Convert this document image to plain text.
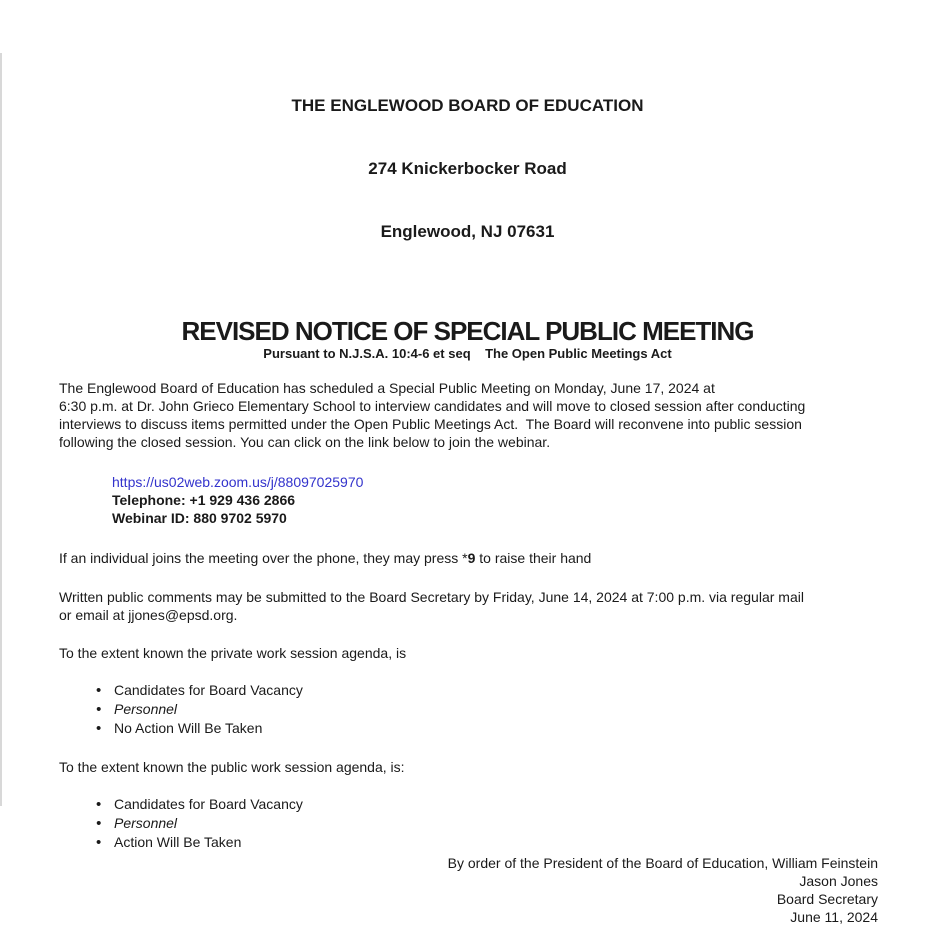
THE ENGLEWOOD BOARD OF EDUCATION

274 Knickerbocker Road

Englewood, NJ 07631

REVISED NOTICE OF SPECIAL PUBLIC MEETING
Pursuant to N.J.S.A. 10:4-6 et seq    The Open Public Meetings Act
The Englewood Board of Education has scheduled a Special Public Meeting on Monday, June 17, 2024 at
6:30 p.m. at Dr. John Grieco Elementary School to interview candidates and will move to closed session after conducting
interviews to discuss items permitted under the Open Public Meetings Act.  The Board will reconvene into public session
following the closed session. You can click on the link below to join the webinar.
https://us02web.zoom.us/j/88097025970
Telephone: +1 929 436 2866
Webinar ID: 880 9702 5970
If an individual joins the meeting over the phone, they may press *9 to raise their hand
Written public comments may be submitted to the Board Secretary by Friday, June 14, 2024 at 7:00 p.m. via regular mail
or email at jjones@epsd.org.
To the extent known the private work session agenda, is
• Candidates for Board Vacancy
• Personnel
• No Action Will Be Taken
To the extent known the public work session agenda, is:
• Candidates for Board Vacancy
• Personnel
• Action Will Be Taken
By order of the President of the Board of Education, William Feinstein
Jason Jones
Board Secretary
June 11, 2024
